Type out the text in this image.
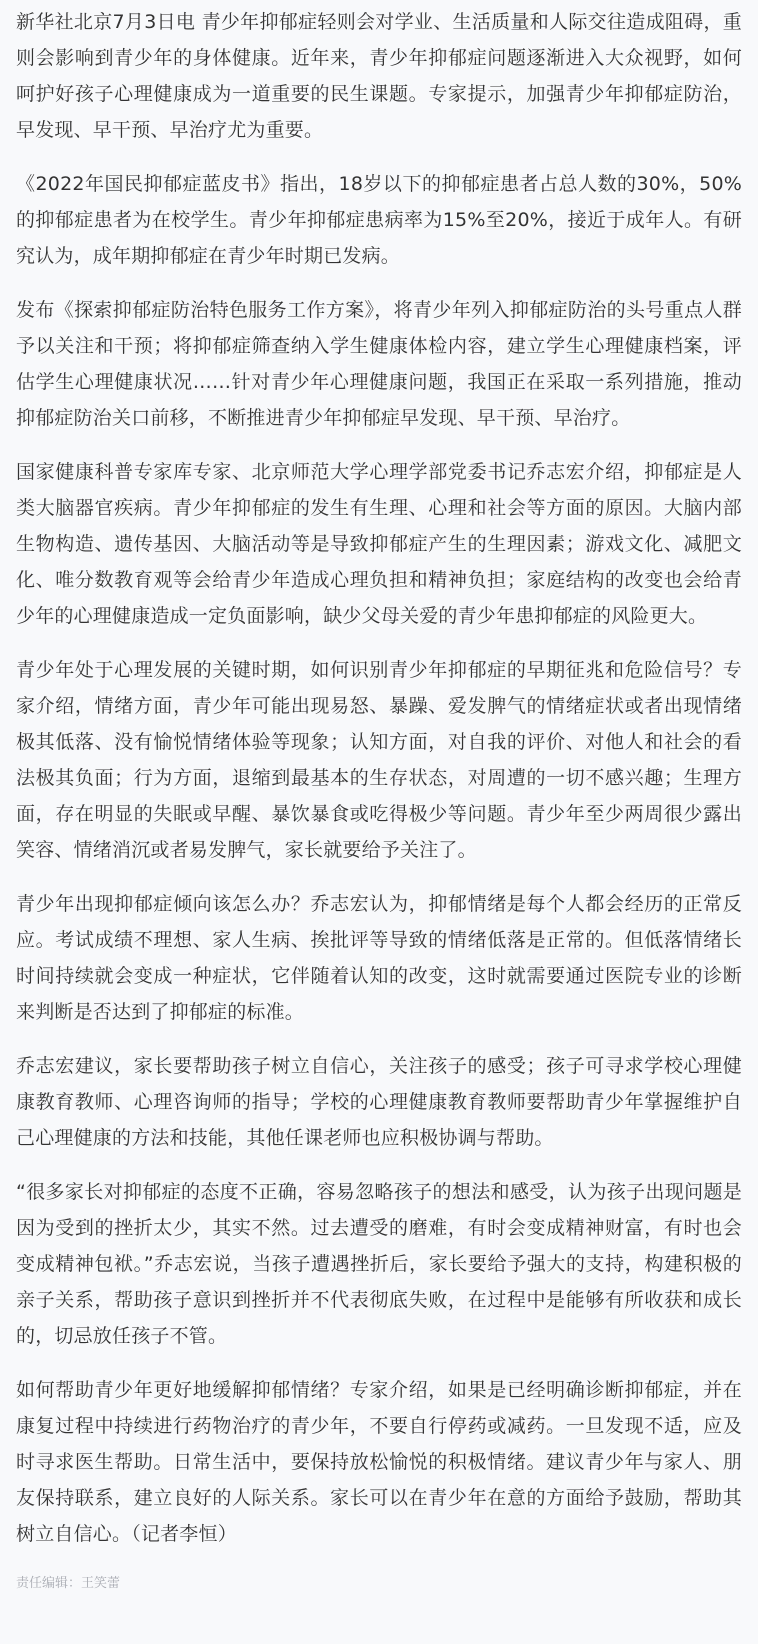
新华社北京7月3日电 青少年抑郁症轻则会对学业、生活质量和人际交往造成阻碍，重则会影响到青少年的身体健康。近年来，青少年抑郁症问题逐渐进入大众视野，如何呵护好孩子心理健康成为一道重要的民生课题。专家提示，加强青少年抑郁症防治，早发现、早干预、早治疗尤为重要。

《2022年国民抑郁症蓝皮书》指出，18岁以下的抑郁症患者占总人数的30%，50%的抑郁症患者为在校学生。青少年抑郁症患病率为15%至20%，接近于成年人。有研究认为，成年期抑郁症在青少年时期已发病。

发布《探索抑郁症防治特色服务工作方案》，将青少年列入抑郁症防治的头号重点人群予以关注和干预；将抑郁症筛查纳入学生健康体检内容，建立学生心理健康档案，评估学生心理健康状况……针对青少年心理健康问题，我国正在采取一系列措施，推动抑郁症防治关口前移，不断推进青少年抑郁症早发现、早干预、早治疗。

国家健康科普专家库专家、北京师范大学心理学部党委书记乔志宏介绍，抑郁症是人类大脑器官疾病。青少年抑郁症的发生有生理、心理和社会等方面的原因。大脑内部生物构造、遗传基因、大脑活动等是导致抑郁症产生的生理因素；游戏文化、减肥文化、唯分数教育观等会给青少年造成心理负担和精神负担；家庭结构的改变也会给青少年的心理健康造成一定负面影响，缺少父母关爱的青少年患抑郁症的风险更大。

青少年处于心理发展的关键时期，如何识别青少年抑郁症的早期征兆和危险信号？专家介绍，情绪方面，青少年可能出现易怒、暴躁、爱发脾气的情绪症状或者出现情绪极其低落、没有愉悦情绪体验等现象；认知方面，对自我的评价、对他人和社会的看法极其负面；行为方面，退缩到最基本的生存状态，对周遭的一切不感兴趣；生理方面，存在明显的失眠或早醒、暴饮暴食或吃得极少等问题。青少年至少两周很少露出笑容、情绪消沉或者易发脾气，家长就要给予关注了。

青少年出现抑郁症倾向该怎么办？乔志宏认为，抑郁情绪是每个人都会经历的正常反应。考试成绩不理想、家人生病、挨批评等导致的情绪低落是正常的。但低落情绪长时间持续就会变成一种症状，它伴随着认知的改变，这时就需要通过医院专业的诊断来判断是否达到了抑郁症的标准。

乔志宏建议，家长要帮助孩子树立自信心，关注孩子的感受；孩子可寻求学校心理健康教育教师、心理咨询师的指导；学校的心理健康教育教师要帮助青少年掌握维护自己心理健康的方法和技能，其他任课老师也应积极协调与帮助。

“很多家长对抑郁症的态度不正确，容易忽略孩子的想法和感受，认为孩子出现问题是因为受到的挫折太少，其实不然。过去遭受的磨难，有时会变成精神财富，有时也会变成精神包袱。”乔志宏说，当孩子遭遇挫折后，家长要给予强大的支持，构建积极的亲子关系，帮助孩子意识到挫折并不代表彻底失败，在过程中是能够有所收获和成长的，切忌放任孩子不管。

如何帮助青少年更好地缓解抑郁情绪？专家介绍，如果是已经明确诊断抑郁症，并在康复过程中持续进行药物治疗的青少年，不要自行停药或减药。一旦发现不适，应及时寻求医生帮助。日常生活中，要保持放松愉悦的积极情绪。建议青少年与家人、朋友保持联系，建立良好的人际关系。家长可以在青少年在意的方面给予鼓励，帮助其树立自信心。（记者李恒）

责任编辑：王笑蕾
